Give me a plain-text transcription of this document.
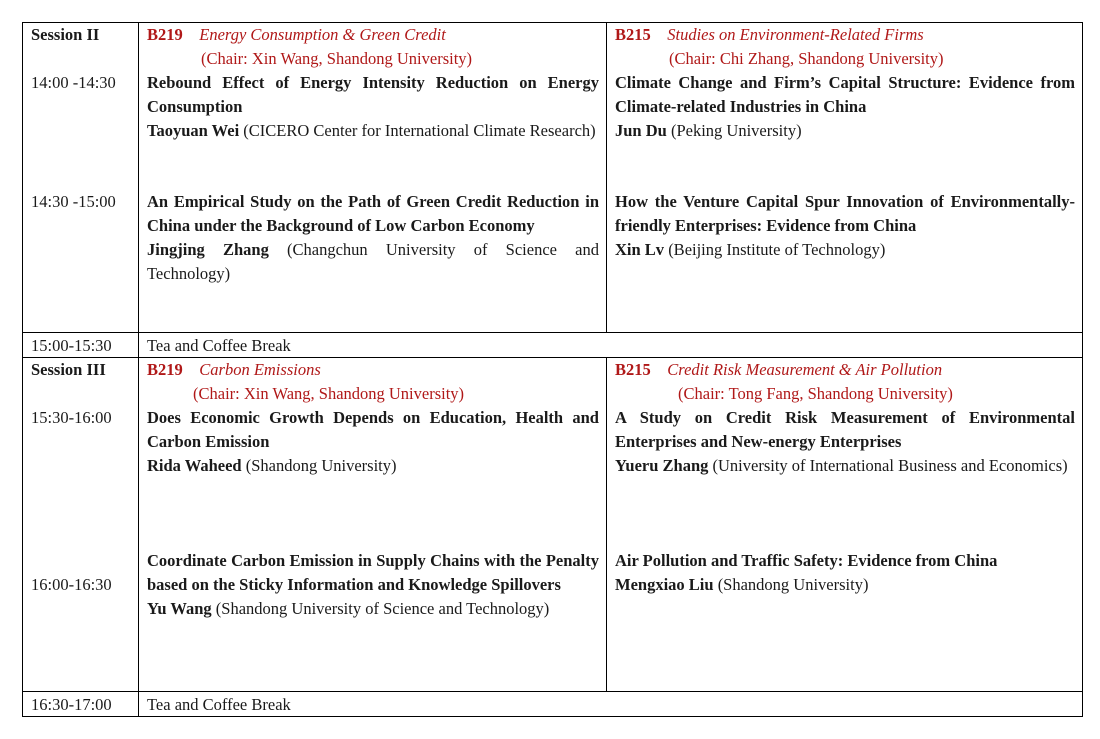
Session II	B219 Energy Consumption & Green Credit
(Chair: Xin Wang, Shandong University)
B215 Studies on Environment-Related Firms
(Chair: Chi Zhang, Shandong University)
14:00 -14:30 Rebound Effect of Energy Intensity Reduction on Energy Consumption
Taoyuan Wei (CICERO Center for International Climate Research)
Climate Change and Firm’s Capital Structure: Evidence from Climate-related Industries in China
Jun Du (Peking University)
14:30 -15:00 An Empirical Study on the Path of Green Credit Reduction in China under the Background of Low Carbon Economy
Jingjing Zhang (Changchun University of Science and Technology)
How the Venture Capital Spur Innovation of Environmentally-friendly Enterprises: Evidence from China
Xin Lv (Beijing Institute of Technology)
15:00-15:30 Tea and Coffee Break
Session III	B219 Carbon Emissions
(Chair: Xin Wang, Shandong University)
B215 Credit Risk Measurement & Air Pollution
(Chair: Tong Fang, Shandong University)
15:30-16:00 Does Economic Growth Depends on Education, Health and Carbon Emission
Rida Waheed (Shandong University)
A Study on Credit Risk Measurement of Environmental Enterprises and New-energy Enterprises
Yueru Zhang (University of International Business and Economics)
16:00-16:30
Coordinate Carbon Emission in Supply Chains with the Penalty based on the Sticky Information and Knowledge Spillovers
Yu Wang (Shandong University of Science and Technology)
Air Pollution and Traffic Safety: Evidence from China
Mengxiao Liu (Shandong University)
16:30-17:00 Tea and Coffee Break
